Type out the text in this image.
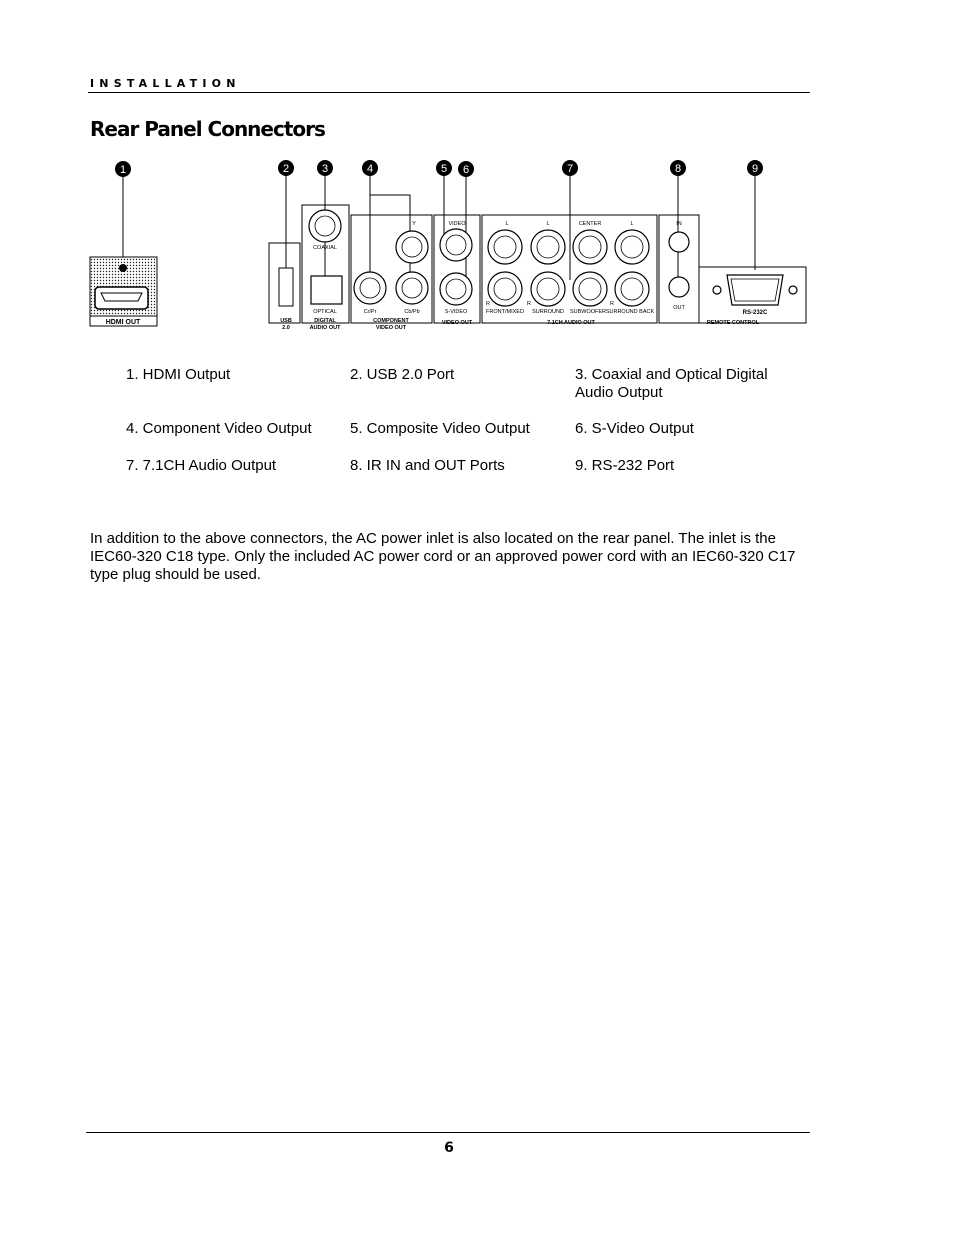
INSTALLATION
Rear Panel Connectors
1	2	3	4	5 6	7	8	9
HDMI OUT	USB
2.0
COAXIAL
OPTICAL
DIGITAL
AUDIO OUT
Y
Cr/Pr	Cb/Pb
COMPONENT
VIDEO OUT
VIDEO
S-VIDEO
VIDEO OUT
L	L	CENTER	L
R	R	R
FRONT/MIXED SURROUND SUBWOOFER SURROUND BACK
7.1CH AUDIO OUT
IN
OUT
RS-232C
REMOTE CONTROL
1. HDMI Output	2. USB 2.0 Port	3. Coaxial and Optical Digital Audio Output
4. Component Video Output	5. Composite Video Output	6. S-Video Output
7. 7.1CH Audio Output	8. IR IN and OUT Ports	9. RS-232 Port

In addition to the above connectors, the AC power inlet is also located on the rear panel. The inlet is the IEC60-320 C18 type. Only the included AC power cord or an approved power cord with an IEC60-320 C17 type plug should be used.

6
